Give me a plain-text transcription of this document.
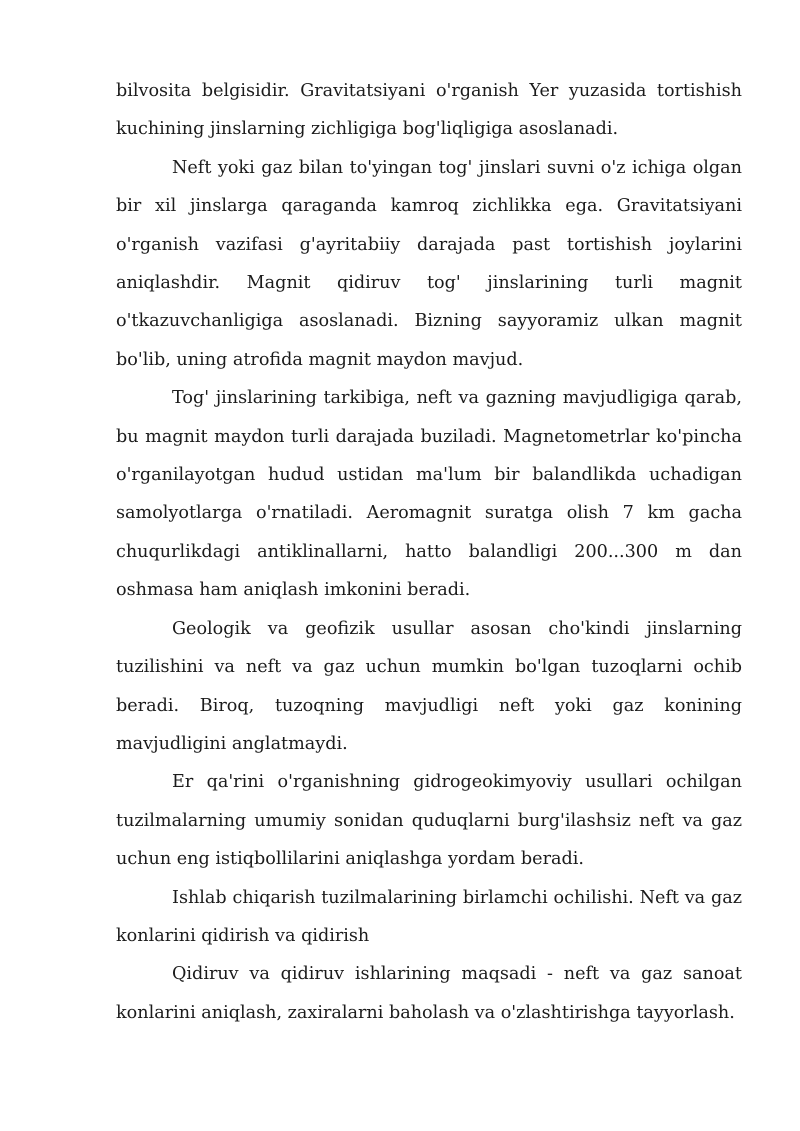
bilvosita belgisidir. Gravitatsiyani o'rganish Yer yuzasida tortishish kuchining jinslarning zichligiga bog'liqligiga asoslanadi.

Neft yoki gaz bilan to'yingan tog' jinslari suvni o'z ichiga olgan bir xil jinslarga qaraganda kamroq zichlikka ega. Gravitatsiyani o'rganish vazifasi g'ayritabiiy darajada past tortishish joylarini aniqlashdir. Magnit qidiruv tog' jinslarining turli magnit o'tkazuvchanligiga asoslanadi. Bizning sayyoramiz ulkan magnit bo'lib, uning atrofida magnit maydon mavjud.

Tog' jinslarining tarkibiga, neft va gazning mavjudligiga qarab, bu magnit maydon turli darajada buziladi. Magnetometrlar ko'pincha o'rganilayotgan hudud ustidan ma'lum bir balandlikda uchadigan samolyotlarga o'rnatiladi. Aeromagnit suratga olish 7 km gacha chuqurlikdagi antiklinallarni, hatto balandligi 200...300 m dan oshmasa ham aniqlash imkonini beradi.

Geologik va geofizik usullar asosan cho'kindi jinslarning tuzilishini va neft va gaz uchun mumkin bo'lgan tuzoqlarni ochib beradi. Biroq, tuzoqning mavjudligi neft yoki gaz konining mavjudligini anglatmaydi.

Er qa'rini o'rganishning gidrogeokimyoviy usullari ochilgan tuzilmalarning umumiy sonidan quduqlarni burg'ilashsiz neft va gaz uchun eng istiqbollilarini aniqlashga yordam beradi.

Ishlab chiqarish tuzilmalarining birlamchi ochilishi. Neft va gaz konlarini qidirish va qidirish

Qidiruv va qidiruv ishlarining maqsadi - neft va gaz sanoat konlarini aniqlash, zaxiralarni baholash va o'zlashtirishga tayyorlash.
